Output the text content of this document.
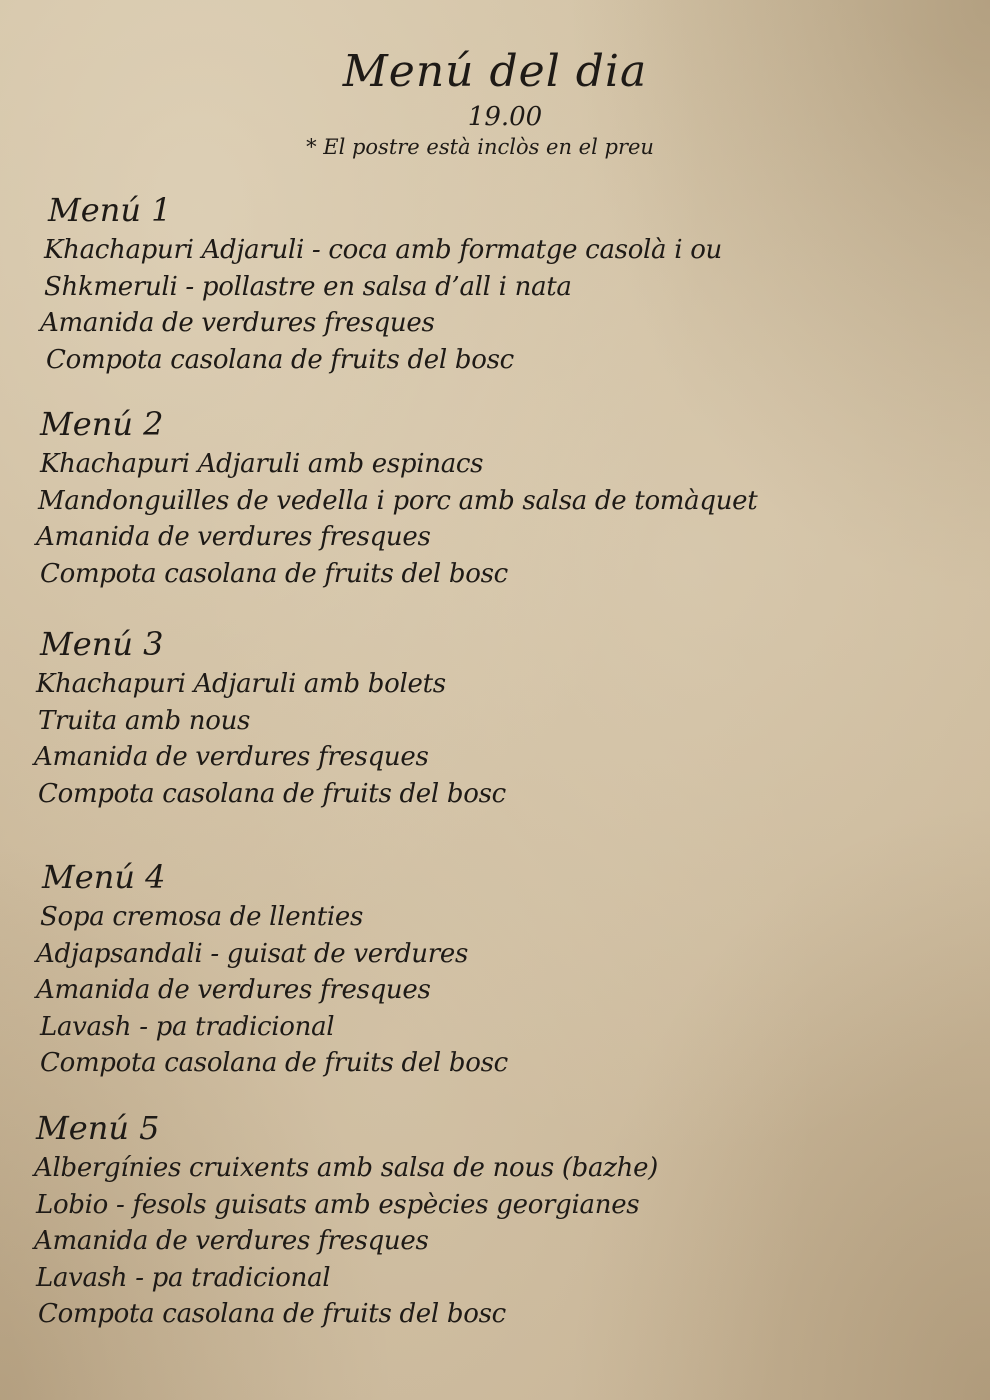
Menú del dia
19.00
* El postre està inclòs en el preu
Menú 1
Khachapuri Adjaruli - coca amb formatge casolà i ou
Shkmeruli - pollastre en salsa d’all i nata
Amanida de verdures fresques
Compota casolana de fruits del bosc
Menú 2
Khachapuri Adjaruli amb espinacs
Mandonguilles de vedella i porc amb salsa de tomàquet
Amanida de verdures fresques
Compota casolana de fruits del bosc
Menú 3
Khachapuri Adjaruli amb bolets
Truita amb nous
Amanida de verdures fresques
Compota casolana de fruits del bosc
Menú 4
Sopa cremosa de llenties
Adjapsandali - guisat de verdures
Amanida de verdures fresques
Lavash - pa tradicional
Compota casolana de fruits del bosc
Menú 5
Albergínies cruixents amb salsa de nous (bazhe)
Lobio - fesols guisats amb espècies georgianes
Amanida de verdures fresques
Lavash - pa tradicional
Compota casolana de fruits del bosc
